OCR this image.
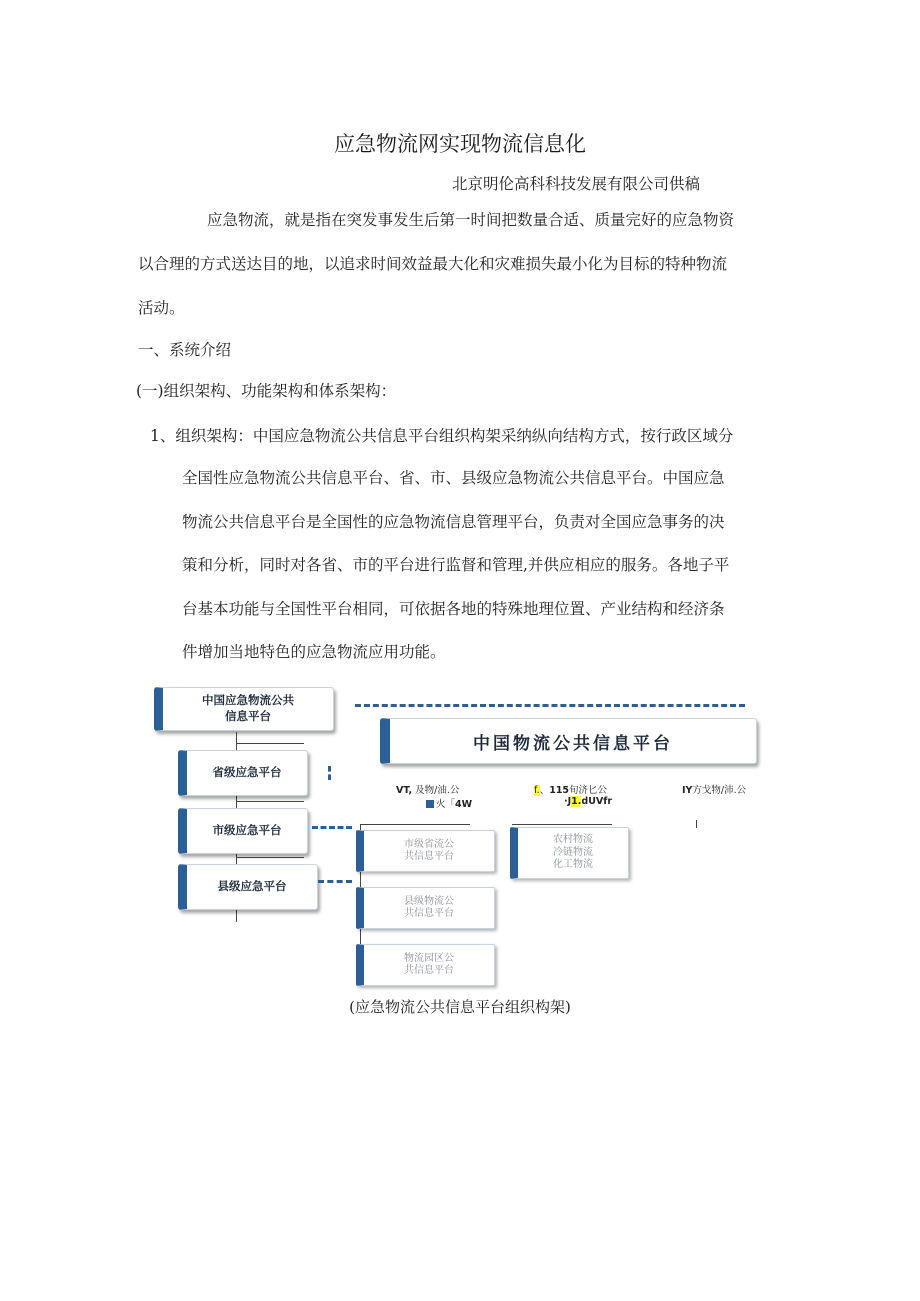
应急物流网实现物流信息化
北京明伦高科科技发展有限公司供稿
应急物流，就是指在突发事发生后第一时间把数量合适、质量完好的应急物资
以合理的方式送达目的地，以追求时间效益最大化和灾难损失最小化为目标的特种物流
活动。
一、系统介绍
(一)组织架构、功能架构和体系架构：
1、组织架构：中国应急物流公共信息平台组织构架采纳纵向结构方式，按行政区域分
全国性应急物流公共信息平台、省、市、县级应急物流公共信息平台。中国应急
物流公共信息平台是全国性的应急物流信息管理平台，负责对全国应急事务的决
策和分析，同时对各省、市的平台进行监督和管理,并供应相应的服务。各地子平
台基本功能与全国性平台相同，可依据各地的特殊地理位置、产业结构和经济条
件增加当地特色的应急物流应用功能。
中国应急物流公共
信息平台
省级应急平台
市级应急平台
县级应急平台
中国物流公共信息平台
VT, 及物/油.公
火「4W
f.、115旬济匕公
·J1.dUVfr
IY方戈物/沛.公
市级省流公
共信息平台
农村物流
冷链物流
化工物流
县级物流公
共信息平台
物流园区公
共信息平台
(应急物流公共信息平台组织构架)
